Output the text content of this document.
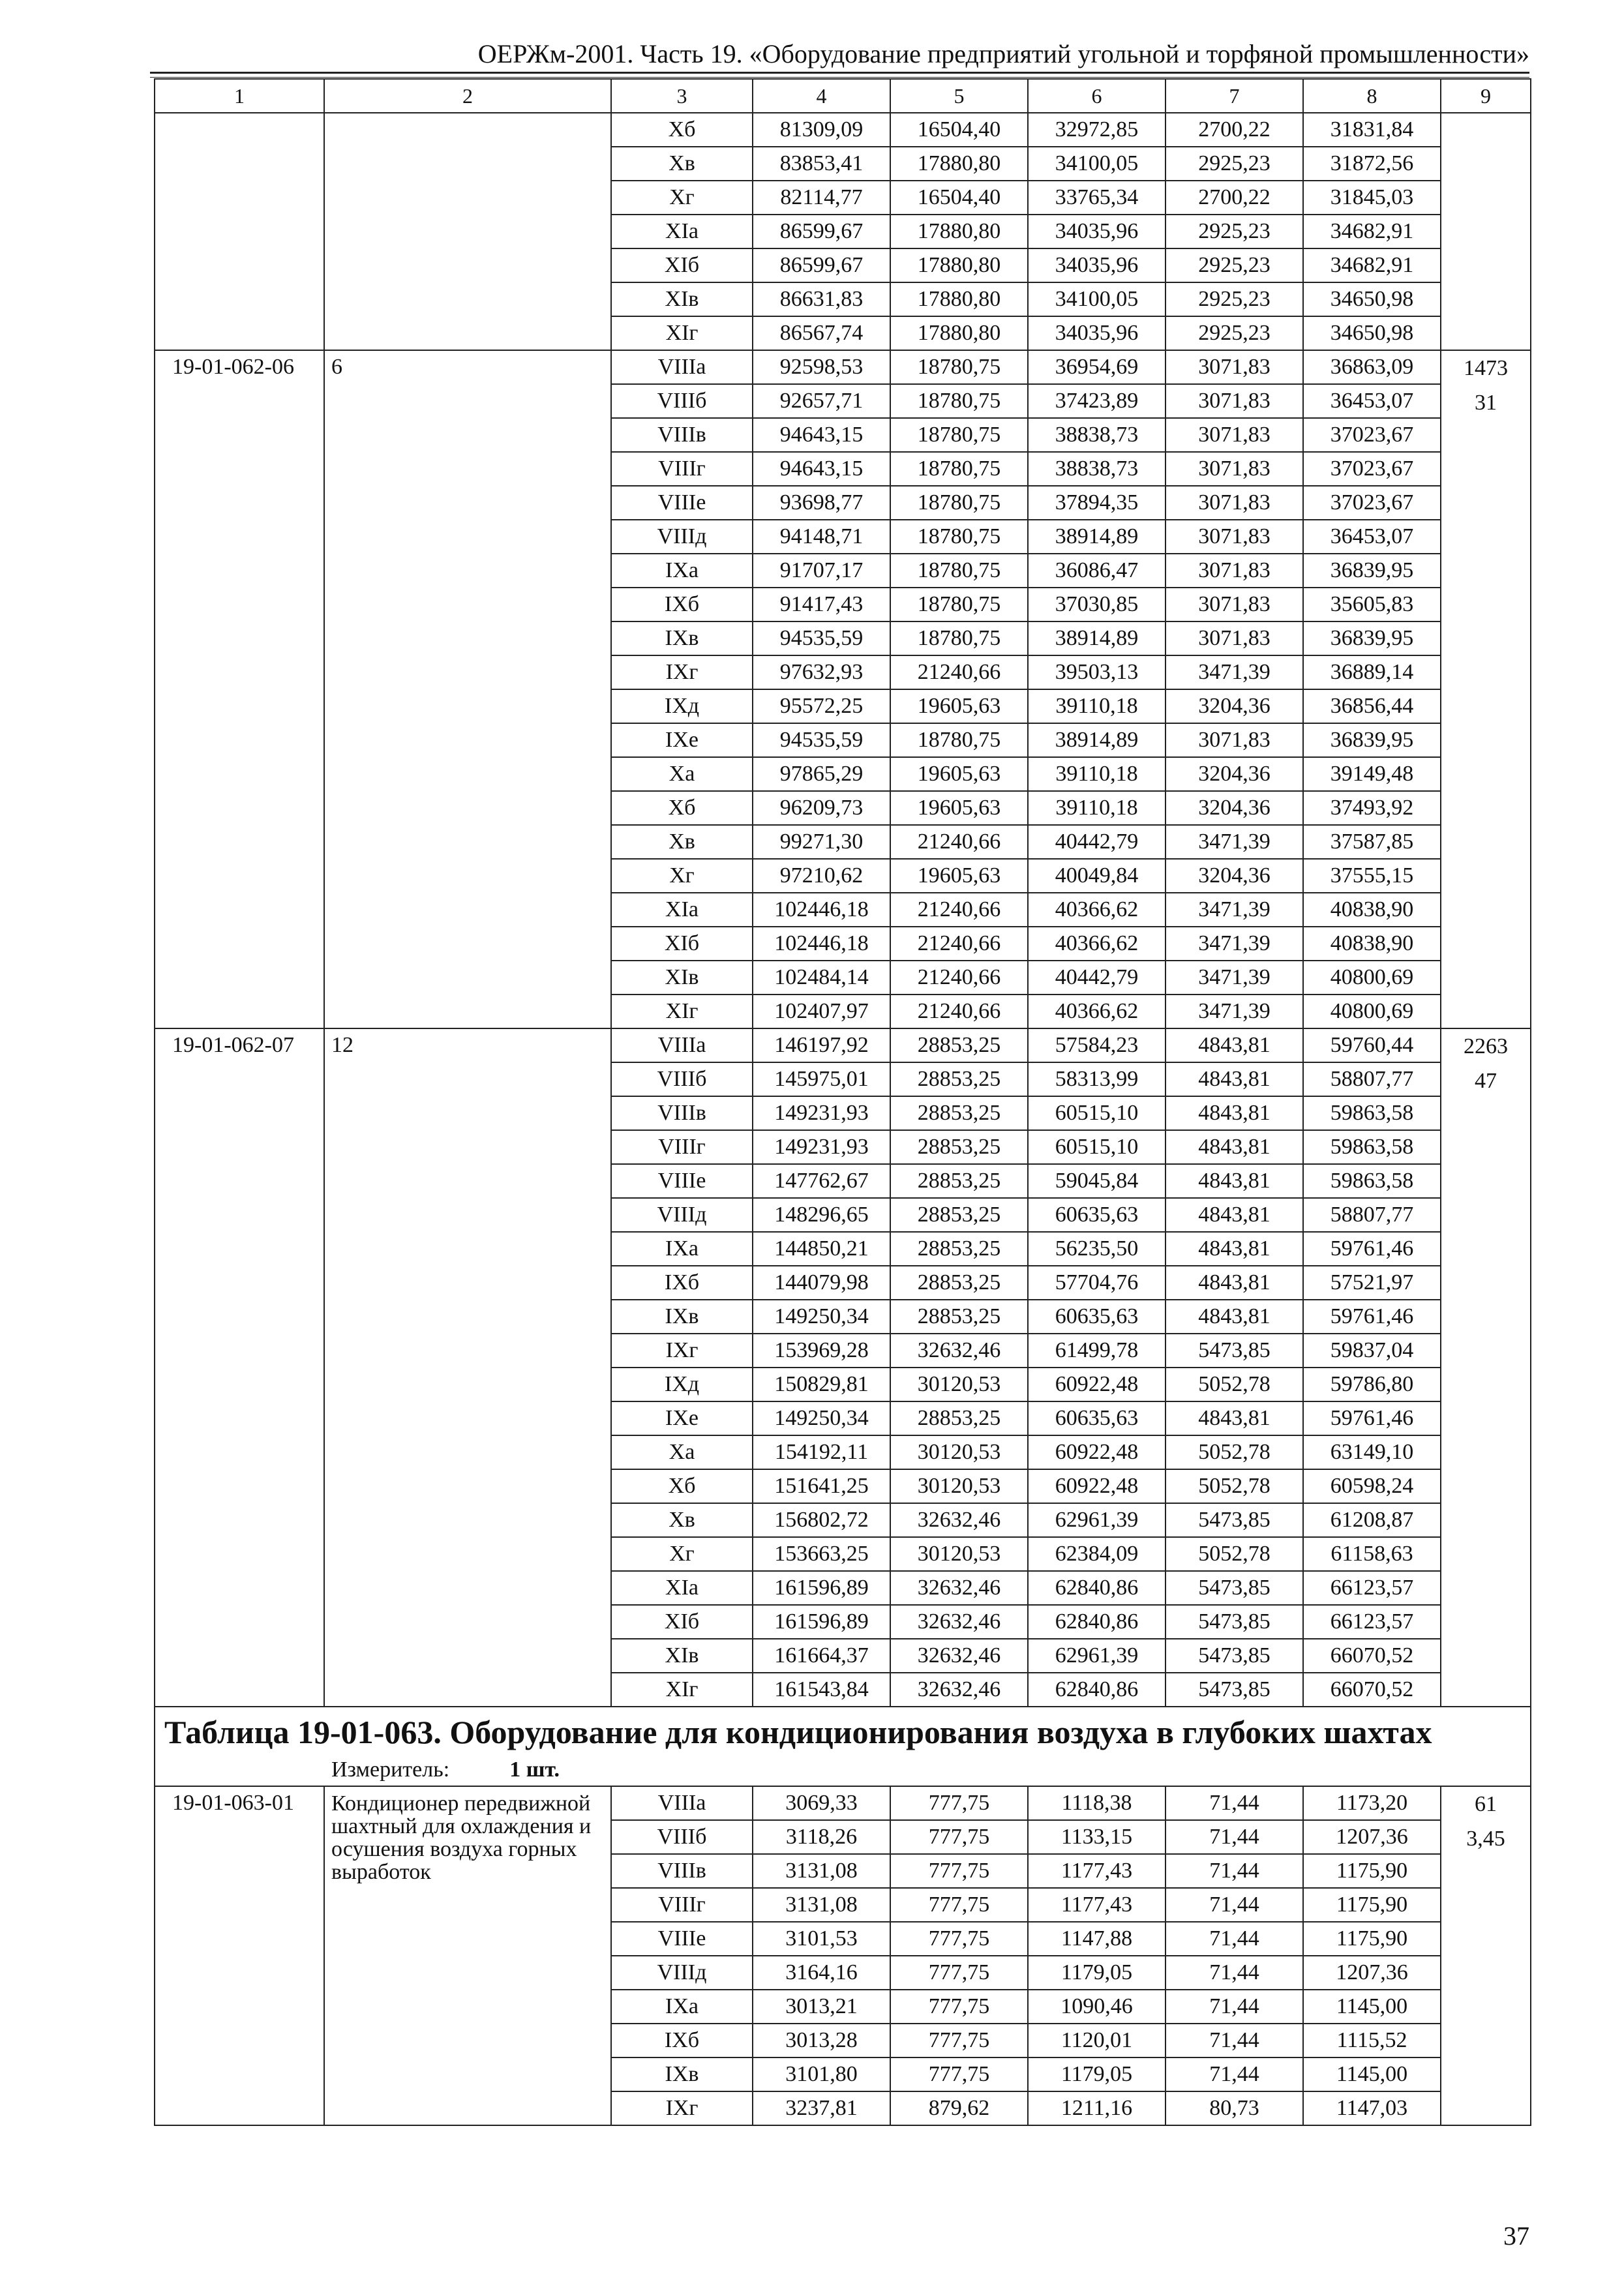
ОЕРЖм-2001. Часть 19. «Оборудование предприятий угольной и торфяной промышленности»
1	2	3	4	5	6	7	8	9
		Хб	81309,09	16504,40	32972,85	2700,22	31831,84	
		Хв	83853,41	17880,80	34100,05	2925,23	31872,56	
		Хг	82114,77	16504,40	33765,34	2700,22	31845,03	
		XIа	86599,67	17880,80	34035,96	2925,23	34682,91	
		XIб	86599,67	17880,80	34035,96	2925,23	34682,91	
		XIв	86631,83	17880,80	34100,05	2925,23	34650,98	
		XIг	86567,74	17880,80	34035,96	2925,23	34650,98	
19-01-062-06	6	VIIIа	92598,53	18780,75	36954,69	3071,83	36863,09	1473
31

		VIIIб	92657,71	18780,75	37423,89	3071,83	36453,07	
		VIIIв	94643,15	18780,75	38838,73	3071,83	37023,67	
		VIIIг	94643,15	18780,75	38838,73	3071,83	37023,67	
		VIIIе	93698,77	18780,75	37894,35	3071,83	37023,67	
		VIIIд	94148,71	18780,75	38914,89	3071,83	36453,07	
		IXа	91707,17	18780,75	36086,47	3071,83	36839,95	
		IXб	91417,43	18780,75	37030,85	3071,83	35605,83	
		IXв	94535,59	18780,75	38914,89	3071,83	36839,95	
		IXг	97632,93	21240,66	39503,13	3471,39	36889,14	
		IXд	95572,25	19605,63	39110,18	3204,36	36856,44	
		IXе	94535,59	18780,75	38914,89	3071,83	36839,95	
		Ха	97865,29	19605,63	39110,18	3204,36	39149,48	
		Хб	96209,73	19605,63	39110,18	3204,36	37493,92	
		Хв	99271,30	21240,66	40442,79	3471,39	37587,85	
		Хг	97210,62	19605,63	40049,84	3204,36	37555,15	
		XIа	102446,18	21240,66	40366,62	3471,39	40838,90	
		XIб	102446,18	21240,66	40366,62	3471,39	40838,90	
		XIв	102484,14	21240,66	40442,79	3471,39	40800,69	
		XIг	102407,97	21240,66	40366,62	3471,39	40800,69	
19-01-062-07	12	VIIIа	146197,92	28853,25	57584,23	4843,81	59760,44	2263
47

		VIIIб	145975,01	28853,25	58313,99	4843,81	58807,77	
		VIIIв	149231,93	28853,25	60515,10	4843,81	59863,58	
		VIIIг	149231,93	28853,25	60515,10	4843,81	59863,58	
		VIIIе	147762,67	28853,25	59045,84	4843,81	59863,58	
		VIIIд	148296,65	28853,25	60635,63	4843,81	58807,77	
		IXа	144850,21	28853,25	56235,50	4843,81	59761,46	
		IXб	144079,98	28853,25	57704,76	4843,81	57521,97	
		IXв	149250,34	28853,25	60635,63	4843,81	59761,46	
		IXг	153969,28	32632,46	61499,78	5473,85	59837,04	
		IXд	150829,81	30120,53	60922,48	5052,78	59786,80	
		IXе	149250,34	28853,25	60635,63	4843,81	59761,46	
		Ха	154192,11	30120,53	60922,48	5052,78	63149,10	
		Хб	151641,25	30120,53	60922,48	5052,78	60598,24	
		Хв	156802,72	32632,46	62961,39	5473,85	61208,87	
		Хг	153663,25	30120,53	62384,09	5052,78	61158,63	
		XIа	161596,89	32632,46	62840,86	5473,85	66123,57	
		XIб	161596,89	32632,46	62840,86	5473,85	66123,57	
		XIв	161664,37	32632,46	62961,39	5473,85	66070,52	
		XIг	161543,84	32632,46	62840,86	5473,85	66070,52	

Таблица 19-01-063. Оборудование для кондиционирования воздуха в глубоких шахтах
Измеритель: 1 шт.								

19-01-063-01	Кондиционер передвижной шахтный для охлаждения и осушения воздуха горных выработок	VIIIа	3069,33	777,75	1118,38	71,44	1173,20	61
3,45

		VIIIб	3118,26	777,75	1133,15	71,44	1207,36	
		VIIIв	3131,08	777,75	1177,43	71,44	1175,90	
		VIIIг	3131,08	777,75	1177,43	71,44	1175,90	
		VIIIе	3101,53	777,75	1147,88	71,44	1175,90	
		VIIIд	3164,16	777,75	1179,05	71,44	1207,36	
		IXа	3013,21	777,75	1090,46	71,44	1145,00	
		IXб	3013,28	777,75	1120,01	71,44	1115,52	
		IXв	3101,80	777,75	1179,05	71,44	1145,00	
		IXг	3237,81	879,62	1211,16	80,73	1147,03	
37
